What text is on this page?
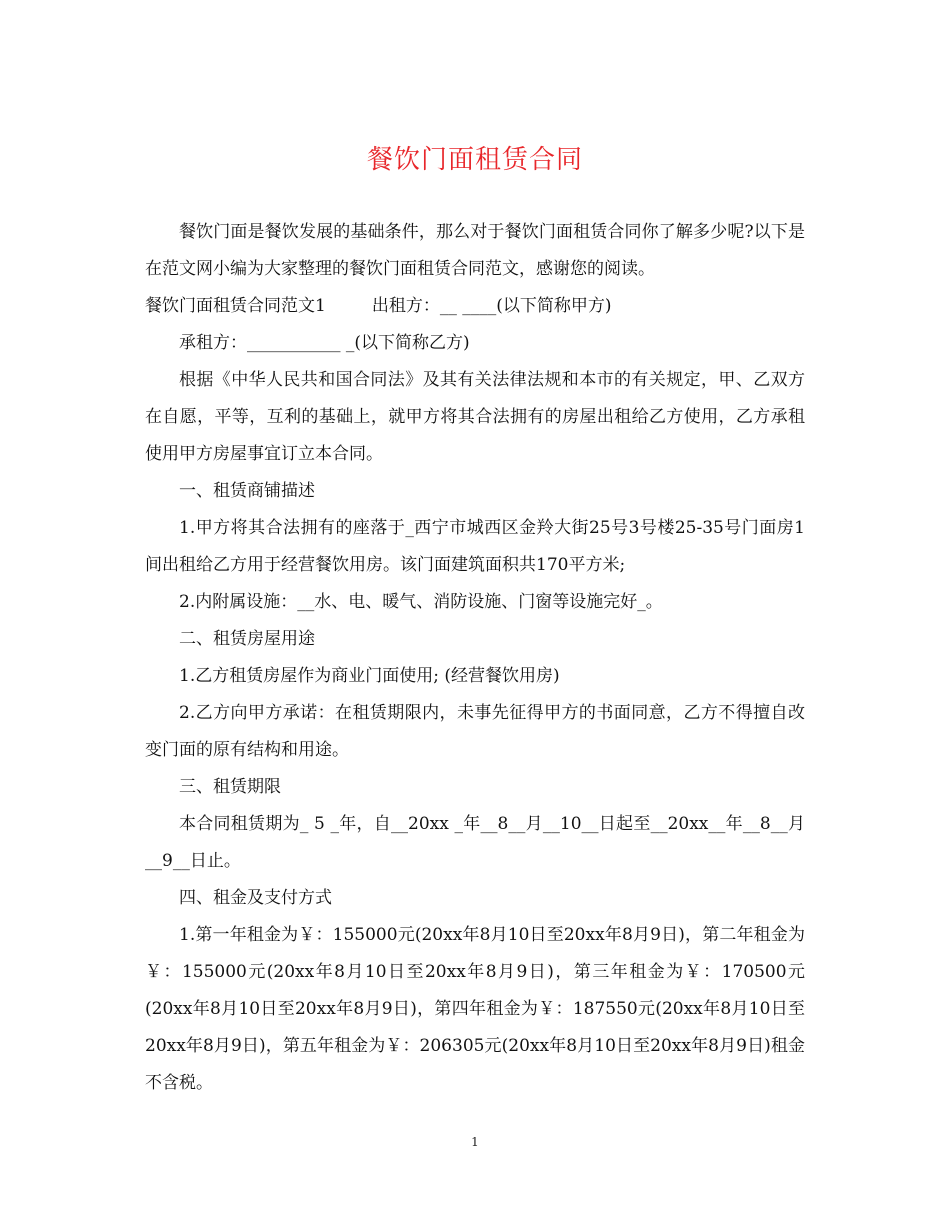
餐饮门面租赁合同

餐饮门面是餐饮发展的基础条件，那么对于餐饮门面租赁合同你了解多少呢?以下是在范文网小编为大家整理的餐饮门面租赁合同范文，感谢您的阅读。

餐饮门面租赁合同范文1	出租方：__ ____(以下简称甲方)

承租方：___________ _(以下简称乙方)

根据《中华人民共和国合同法》及其有关法律法规和本市的有关规定，甲、乙双方在自愿，平等，互利的基础上，就甲方将其合法拥有的房屋出租给乙方使用，乙方承租使用甲方房屋事宜订立本合同。

一、租赁商铺描述

1.甲方将其合法拥有的座落于_西宁市城西区金羚大街25号3号楼25-35号门面房1间出租给乙方用于经营餐饮用房。该门面建筑面积共170平方米;

2.内附属设施：__水、电、暖气、消防设施、门窗等设施完好_。

二、租赁房屋用途

1.乙方租赁房屋作为商业门面使用; (经营餐饮用房)

2.乙方向甲方承诺：在租赁期限内，未事先征得甲方的书面同意，乙方不得擅自改变门面的原有结构和用途。

三、租赁期限

本合同租赁期为_ 5 _年，自__20xx _年__8__月__10__日起至__20xx__年__8__月__9__日止。

四、租金及支付方式

1.第一年租金为￥：155000元(20xx年8月10日至20xx年8月9日)，第二年租金为￥：155000元(20xx年8月10日至20xx年8月9日)，第三年租金为￥：170500元(20xx年8月10日至20xx年8月9日)，第四年租金为￥：187550元(20xx年8月10日至20xx年8月9日)，第五年租金为￥：206305元(20xx年8月10日至20xx年8月9日)租金不含税。

1
